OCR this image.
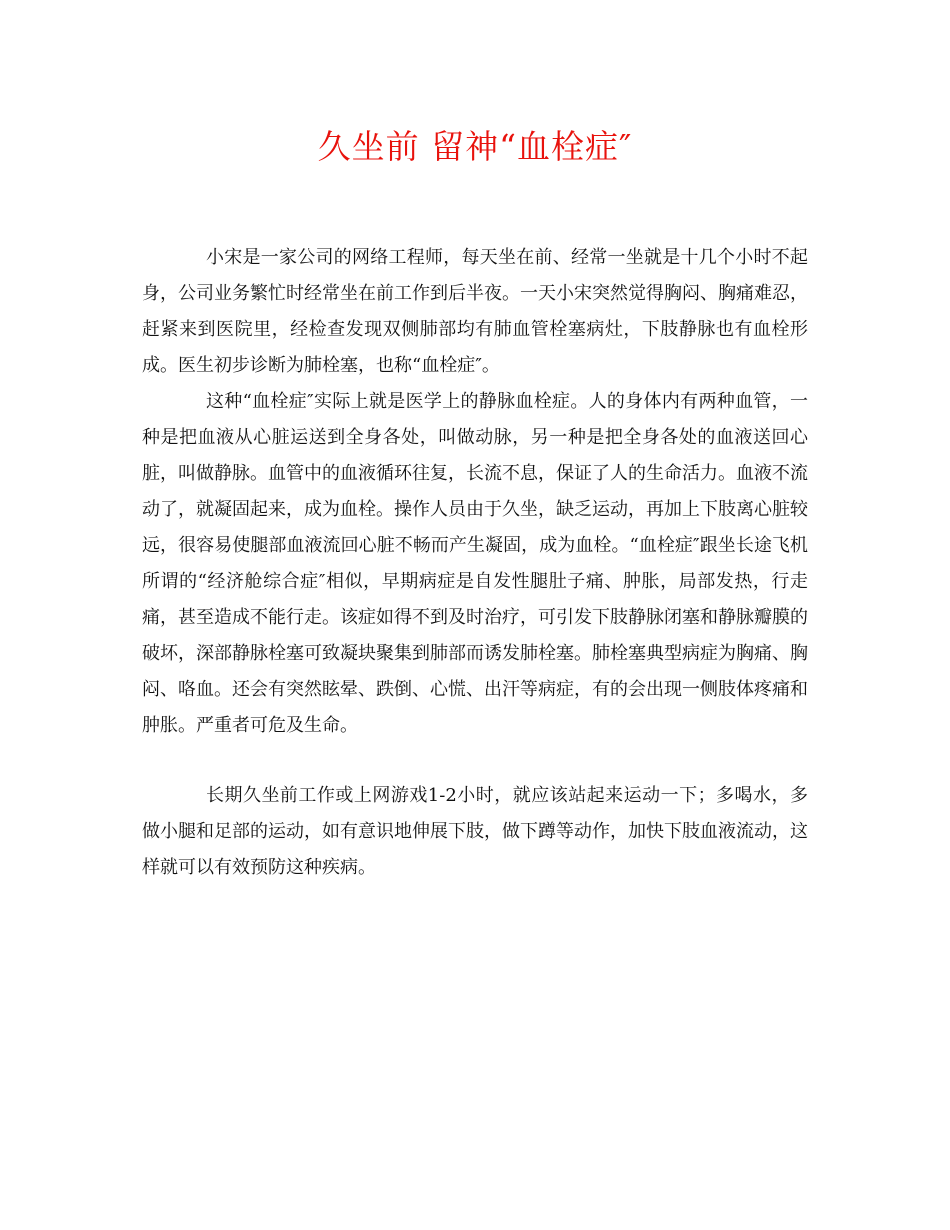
久坐前 留神“血栓症″

小宋是一家公司的网络工程师，每天坐在前、经常一坐就是十几个小时不起身，公司业务繁忙时经常坐在前工作到后半夜。一天小宋突然觉得胸闷、胸痛难忍，赶紧来到医院里，经检查发现双侧肺部均有肺血管栓塞病灶，下肢静脉也有血栓形成。医生初步诊断为肺栓塞，也称“血栓症″。

这种“血栓症″实际上就是医学上的静脉血栓症。人的身体内有两种血管，一种是把血液从心脏运送到全身各处，叫做动脉，另一种是把全身各处的血液送回心脏，叫做静脉。血管中的血液循环往复，长流不息，保证了人的生命活力。血液不流动了，就凝固起来，成为血栓。操作人员由于久坐，缺乏运动，再加上下肢离心脏较远，很容易使腿部血液流回心脏不畅而产生凝固，成为血栓。“血栓症″跟坐长途飞机所谓的“经济舱综合症″相似，早期病症是自发性腿肚子痛、肿胀，局部发热，行走痛，甚至造成不能行走。该症如得不到及时治疗，可引发下肢静脉闭塞和静脉瓣膜的破坏，深部静脉栓塞可致凝块聚集到肺部而诱发肺栓塞。肺栓塞典型病症为胸痛、胸闷、咯血。还会有突然眩晕、跌倒、心慌、出汗等病症，有的会出现一侧肢体疼痛和肿胀。严重者可危及生命。

长期久坐前工作或上网游戏1-2小时，就应该站起来运动一下；多喝水，多做小腿和足部的运动，如有意识地伸展下肢，做下蹲等动作，加快下肢血液流动，这样就可以有效预防这种疾病。
